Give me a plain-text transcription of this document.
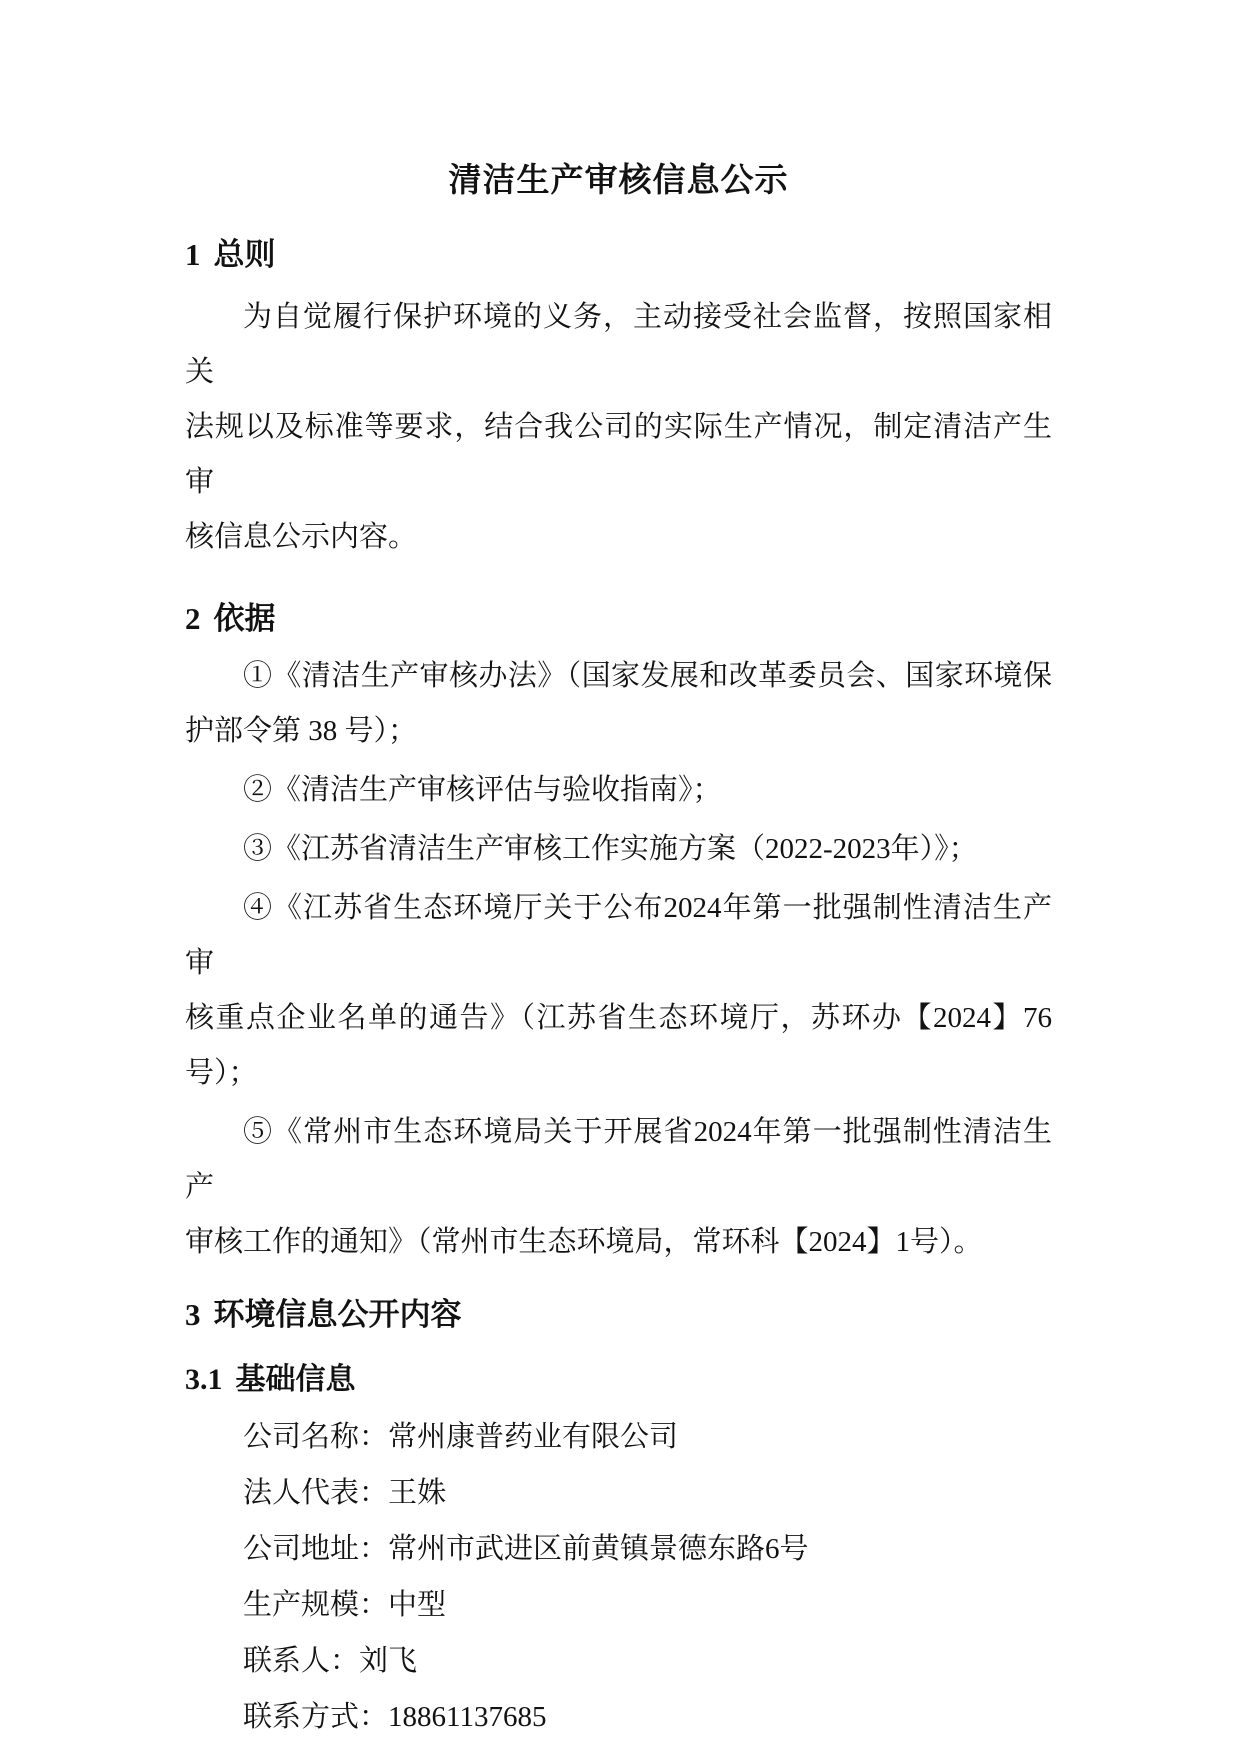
清洁生产审核信息公示
1 总则
为自觉履行保护环境的义务，主动接受社会监督，按照国家相关
法规以及标准等要求，结合我公司的实际生产情况，制定清洁产生审
核信息公示内容。
2 依据
①《清洁生产审核办法》（国家发展和改革委员会、国家环境保
护部令第 38 号）；
②《清洁生产审核评估与验收指南》；
③《江苏省清洁生产审核工作实施方案（2022-2023年）》；
④《江苏省生态环境厅关于公布2024年第一批强制性清洁生产审
核重点企业名单的通告》（江苏省生态环境厅，苏环办【2024】76
号）；
⑤《常州市生态环境局关于开展省2024年第一批强制性清洁生产
审核工作的通知》（常州市生态环境局，常环科【2024】1号）。
3 环境信息公开内容
3.1 基础信息
公司名称：常州康普药业有限公司
法人代表：王姝
公司地址：常州市武进区前黄镇景德东路6号
生产规模：中型
联系人：刘飞
联系方式：18861137685
